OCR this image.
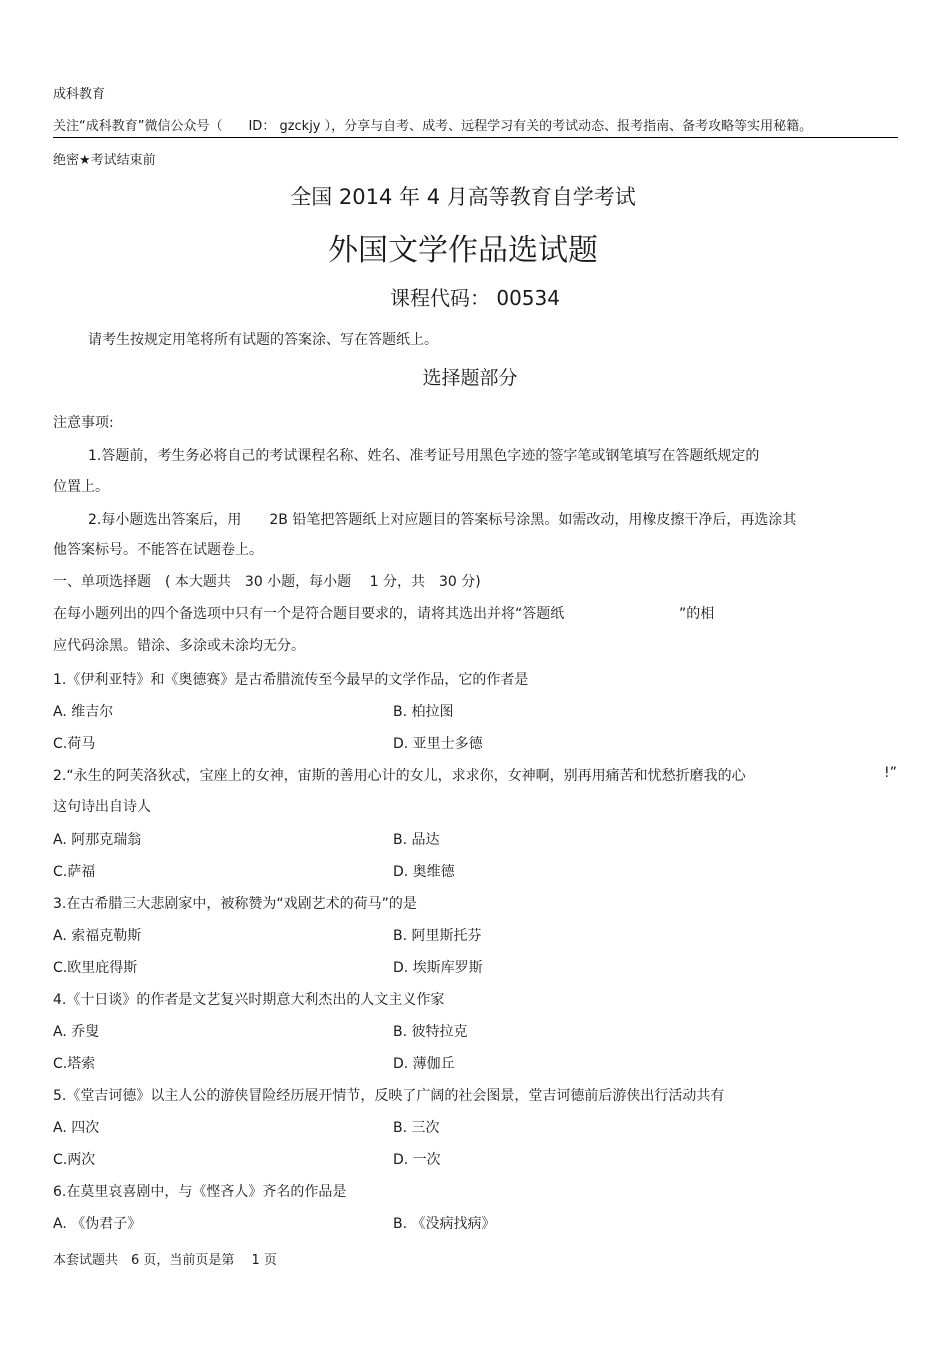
成科教育
关注“成科教育”微信公众号（　　ID： gzckjy ），分享与自考、成考、远程学习有关的考试动态、报考指南、备考攻略等实用秘籍。
绝密★考试结束前
全国 2014 年 4 月高等教育自学考试
外国文学作品选试题
课程代码： 00534
请考生按规定用笔将所有试题的答案涂、写在答题纸上。
选择题部分
注意事项:
1.答题前，考生务必将自己的考试课程名称、姓名、准考证号用黑色字迹的签字笔或钢笔填写在答题纸规定的
位置上。
2.每小题选出答案后，用　　2B 铅笔把答题纸上对应题目的答案标号涂黑。如需改动，用橡皮擦干净后，再选涂其
他答案标号。不能答在试题卷上。
一、单项选择题　( 本大题共　30 小题，每小题　 1 分，共　30 分)
在每小题列出的四个备选项中只有一个是符合题目要求的，请将其选出并将“答题纸	”的相
应代码涂黑。错涂、多涂或未涂均无分。
1.《伊利亚特》和《奥德赛》是古希腊流传至今最早的文学作品，它的作者是
A. 维吉尔	B. 柏拉图
C.荷马	D. 亚里士多德
2.“永生的阿芙洛狄忒，宝座上的女神，宙斯的善用心计的女儿，求求你，女神啊，别再用痛苦和忧愁折磨我的心	!”
这句诗出自诗人
A. 阿那克瑞翁	B. 品达
C.萨福	D. 奥维德
3.在古希腊三大悲剧家中，被称赞为“戏剧艺术的荷马”的是
A. 索福克勒斯	B. 阿里斯托芬
C.欧里庇得斯	D. 埃斯库罗斯
4.《十日谈》的作者是文艺复兴时期意大利杰出的人文主义作家
A. 乔叟	B. 彼特拉克
C.塔索	D. 薄伽丘
5.《堂吉诃德》以主人公的游侠冒险经历展开情节，反映了广阔的社会图景，堂吉诃德前后游侠出行活动共有
A. 四次	B. 三次
C.两次	D. 一次
6.在莫里哀喜剧中，与《悭吝人》齐名的作品是
A. 《伪君子》	B. 《没病找病》
本套试题共　6 页，当前页是第　 1 页
